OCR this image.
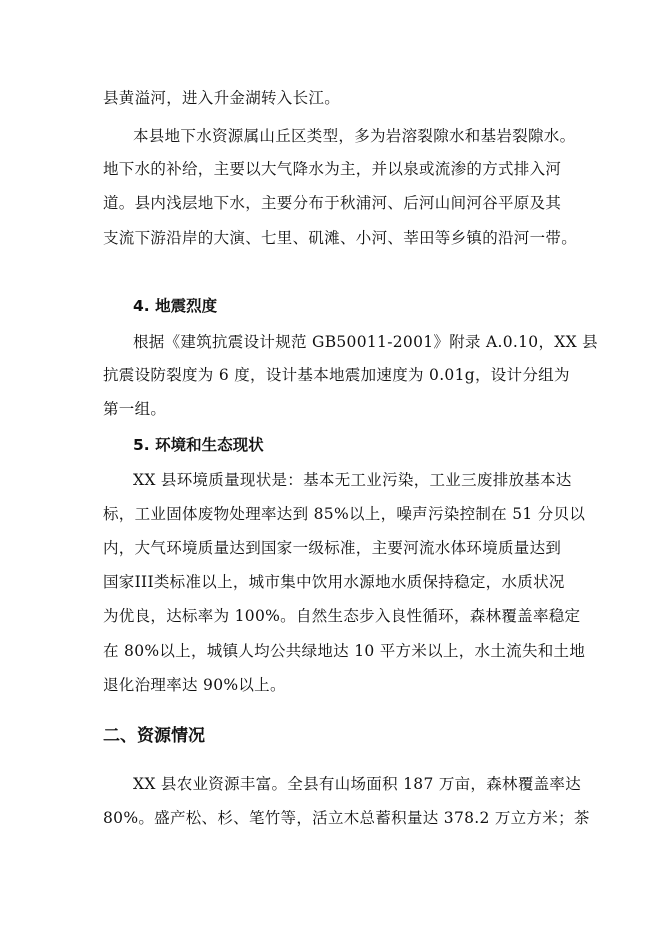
县黄溢河，进入升金湖转入长江。
本县地下水资源属山丘区类型，多为岩溶裂隙水和基岩裂隙水。
地下水的补给，主要以大气降水为主，并以泉或流渗的方式排入河
道。县内浅层地下水，主要分布于秋浦河、后河山间河谷平原及其
支流下游沿岸的大演、七里、矶滩、小河、莘田等乡镇的沿河一带。
4. 地震烈度
根据《建筑抗震设计规范 GB50011-2001》附录 A.0.10，XX 县
抗震设防裂度为 6 度，设计基本地震加速度为 0.01g，设计分组为
第一组。
5. 环境和生态现状
XX 县环境质量现状是：基本无工业污染，工业三废排放基本达
标，工业固体废物处理率达到 85%以上，噪声污染控制在 51 分贝以
内，大气环境质量达到国家一级标准，主要河流水体环境质量达到
国家III类标准以上，城市集中饮用水源地水质保持稳定，水质状况
为优良，达标率为 100%。自然生态步入良性循环，森林覆盖率稳定
在 80%以上，城镇人均公共绿地达 10 平方米以上，水土流失和土地
退化治理率达 90%以上。
二、资源情况
XX 县农业资源丰富。全县有山场面积 187 万亩，森林覆盖率达
80%。盛产松、杉、笔竹等，活立木总蓄积量达 378.2 万立方米；茶
